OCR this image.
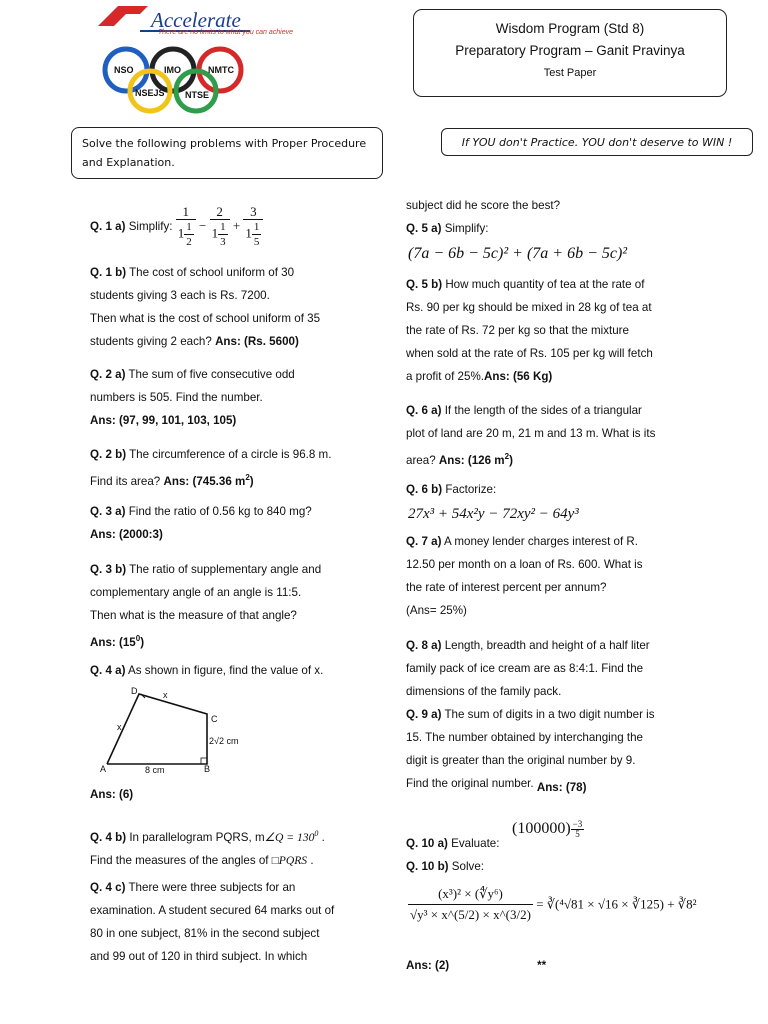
NSO	IMO	NMTC
NSEJS NTSE
Accelerate
There are no limits to what you can achieve	Wisdom Program (Std 8)
Preparatory Program – Ganit Pravinya
Test Paper
Solve the following problems with Proper Procedure and Explanation.
If YOU don't Practice. YOU don't deserve to WIN !
Q. 1 a) Simplify: $\frac{1}{1 \frac{1}{2}} - \frac{2}{1 \frac{1}{3}} + \frac{3}{1 \frac{1}{5}}$

Q. 1 b) The cost of school uniform of 30

students giving 3 each is Rs. 7200.

Then what is the cost of school uniform of 35

students giving 2 each? Ans: (Rs. 5600)

Q. 2 a) The sum of five consecutive odd

numbers is 505. Find the number.

Ans: (97, 99, 101, 103, 105)

Q. 2 b) The circumference of a circle is 96.8 m.

Find its area? Ans: (745.36 $m^2$)

Q. 3 a) Find the ratio of 0.56 kg to 840 mg?

Ans: (2000:3)

Q. 3 b) The ratio of supplementary angle and

complementary angle of an angle is 11:5.

Then what is the measure of that angle?

Ans: $(15^0)$

Q. 4 a) As shown in figure, find the value of x.

D	x
C
x
2√2 cm
A	8 cm	B

Ans: (6)

Q. 4 b) In parallelogram PQRS, m∠Q = $130^0$ .

Find the measures of the angles of □PQRS .

Q. 4 c) There were three subjects for an

examination. A student secured 64 marks out of

80 in one subject, 81% in the second subject

and 99 out of 120 in third subject. In which

subject did he score the best?

Q. 5 a) Simplify:

(7a − 6b − 5c)² + (7a + 6b − 5c)²

Q. 5 b) How much quantity of tea at the rate of

Rs. 90 per kg should be mixed in 28 kg of tea at

the rate of Rs. 72 per kg so that the mixture

when sold at the rate of Rs. 105 per kg will fetch

a profit of 25%.Ans: (56 Kg)

Q. 6 a) If the length of the sides of a triangular

plot of land are 20 m, 21 m and 13 m. What is its

area? Ans: (126 $m^2$)

Q. 6 b) Factorize:

27x³ + 54x²y − 72xy² − 64y³

Q. 7 a) A money lender charges interest of R.

12.50 per month on a loan of Rs. 600. What is

the rate of interest percent per annum?

(Ans= 25%)

Q. 8 a) Length, breadth and height of a half liter

family pack of ice cream are as 8:4:1. Find the

dimensions of the family pack.

Q. 9 a) The sum of digits in a two digit number is

15. The number obtained by interchanging the

digit is greater than the original number by 9.

Find the original number. Ans: (78)

Q. 10 a) Evaluate:

$(100000) \frac{-3}{5}$

Q. 10 b) Solve:

$\frac{\text{(x³)² × (∜y⁶)}}{\text{√y³ × x\textasciicircum{}(5/2) × x\textasciicircum{}(3/2)}}$ = ∛(⁴√81 × √16 × ∛125) + ∛8²

Ans: (2)	**
